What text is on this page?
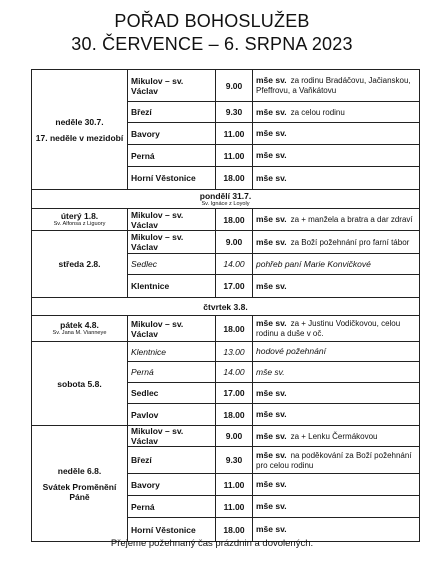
POŘAD BOHOSLUŽEB
30. ČERVENCE – 6. SRPNA 2023
neděle 30.7.
17. neděle v mezidobí	Mikulov – sv. Václav	9.00	mše sv. za rodinu Bradáčovu, Jačianskou, Pfeffrovu, a Vaňkátovu
	Březí	9.30	mše sv. za celou rodinu
	Bavory	11.00	mše sv.
	Perná	11.00	mše sv.
	Horní Věstonice	18.00	mše sv.
pondělí 31.7.
Sv. Ignáce z Loyoly			

úterý 1.8.
Sv. Alfonsa z Liguory	Mikulov – sv. Václav	18.00	mše sv. za + manžela a bratra a dar zdraví
středa 2.8.	Mikulov – sv. Václav	9.00	mše sv. za Boží požehnání pro farní tábor
	Sedlec	14.00	pohřeb paní Marie Konvičkové
	Klentnice	17.00	mše sv.
čtvrtek 3.8.			
pátek 4.8.
Sv. Jana M. Vianneye	Mikulov – sv. Václav	18.00	mše sv. za + Justinu Vodičkovou, celou rodinu a duše v oč.
sobota 5.8.	Klentnice	13.00	hodové požehnání
	Perná	14.00	mše sv.
	Sedlec	17.00	mše sv.
	Pavlov	18.00	mše sv.
neděle 6.8.
Svátek Proměnění Páně	Mikulov – sv. Václav	9.00	mše sv. za + Lenku Čermákovou
	Březí	9.30	mše sv. na poděkování za Boží požehnání pro celou rodinu
	Bavory	11.00	mše sv.
	Perná	11.00	mše sv.
	Horní Věstonice	18.00	mše sv.
Přejeme požehnaný čas prázdnin a dovolených.
